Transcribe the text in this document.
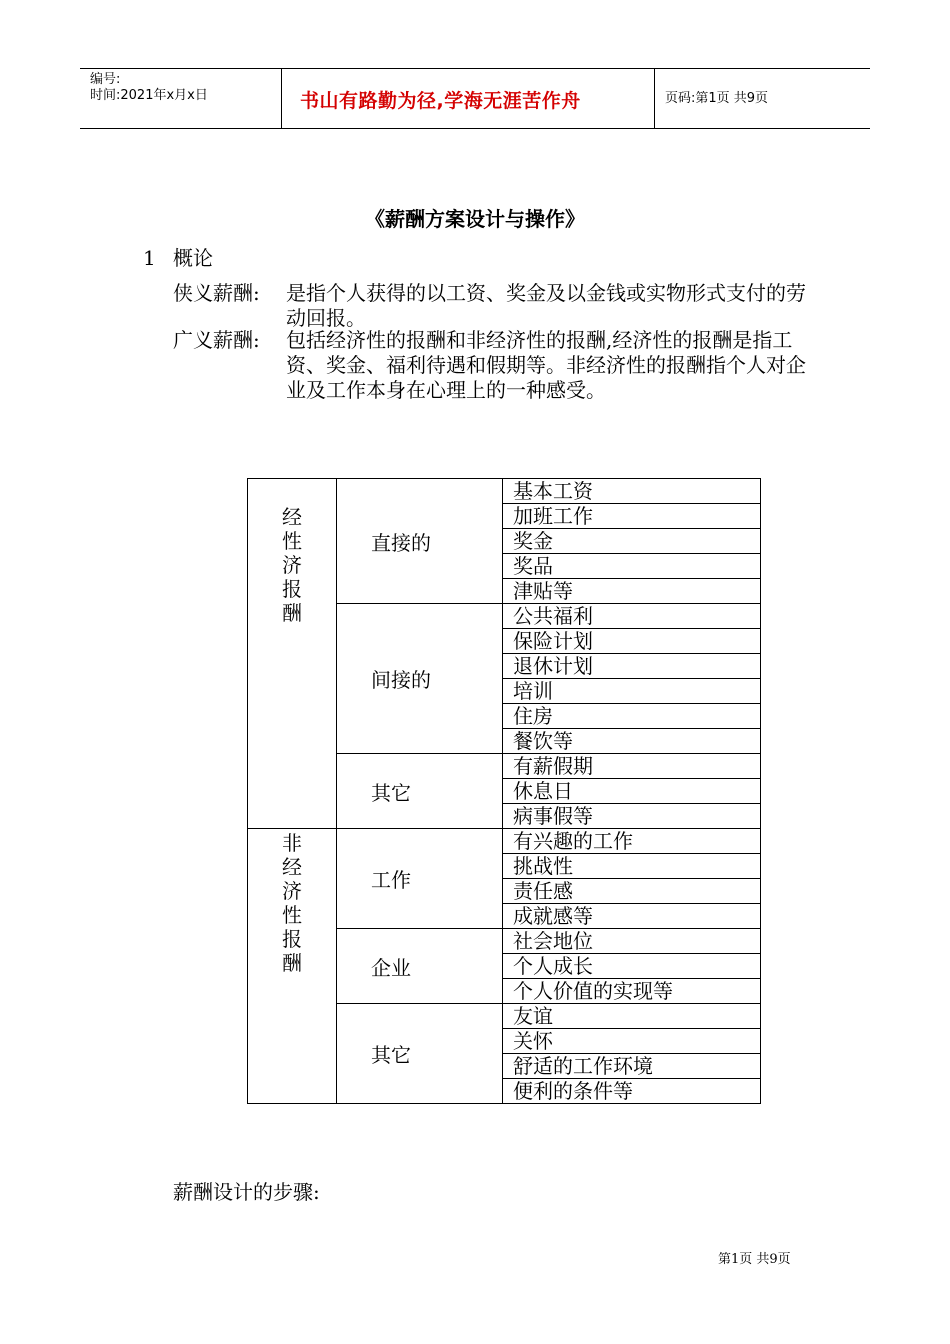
编号:
时间:2021年x月x日	书山有路勤为径,学海无涯苦作舟	页码:第1页 共9页
《薪酬方案设计与操作》
1 概论
侠义薪酬: 是指个人获得的以工资、奖金及以金钱或实物形式支付的劳动回报。
广义薪酬: 包括经济性的报酬和非经济性的报酬,经济性的报酬是指工资、奖金、福利待遇和假期等。非经济性的报酬指个人对企业及工作本身在心理上的一种感受。
经性济报酬	直接的	基本工资
		加班工作
		奖金
		奖品
		津贴等
	间接的	公共福利
		保险计划
		退休计划
		培训
		住房
		餐饮等
	其它	有薪假期
		休息日
		病事假等

非经济性报酬	工作	有兴趣的工作
		挑战性
		责任感
		成就感等
	企业	社会地位
		个人成长
		个人价值的实现等
	其它	友谊
		关怀
		舒适的工作环境
		便利的条件等
薪酬设计的步骤:
第1页 共9页
